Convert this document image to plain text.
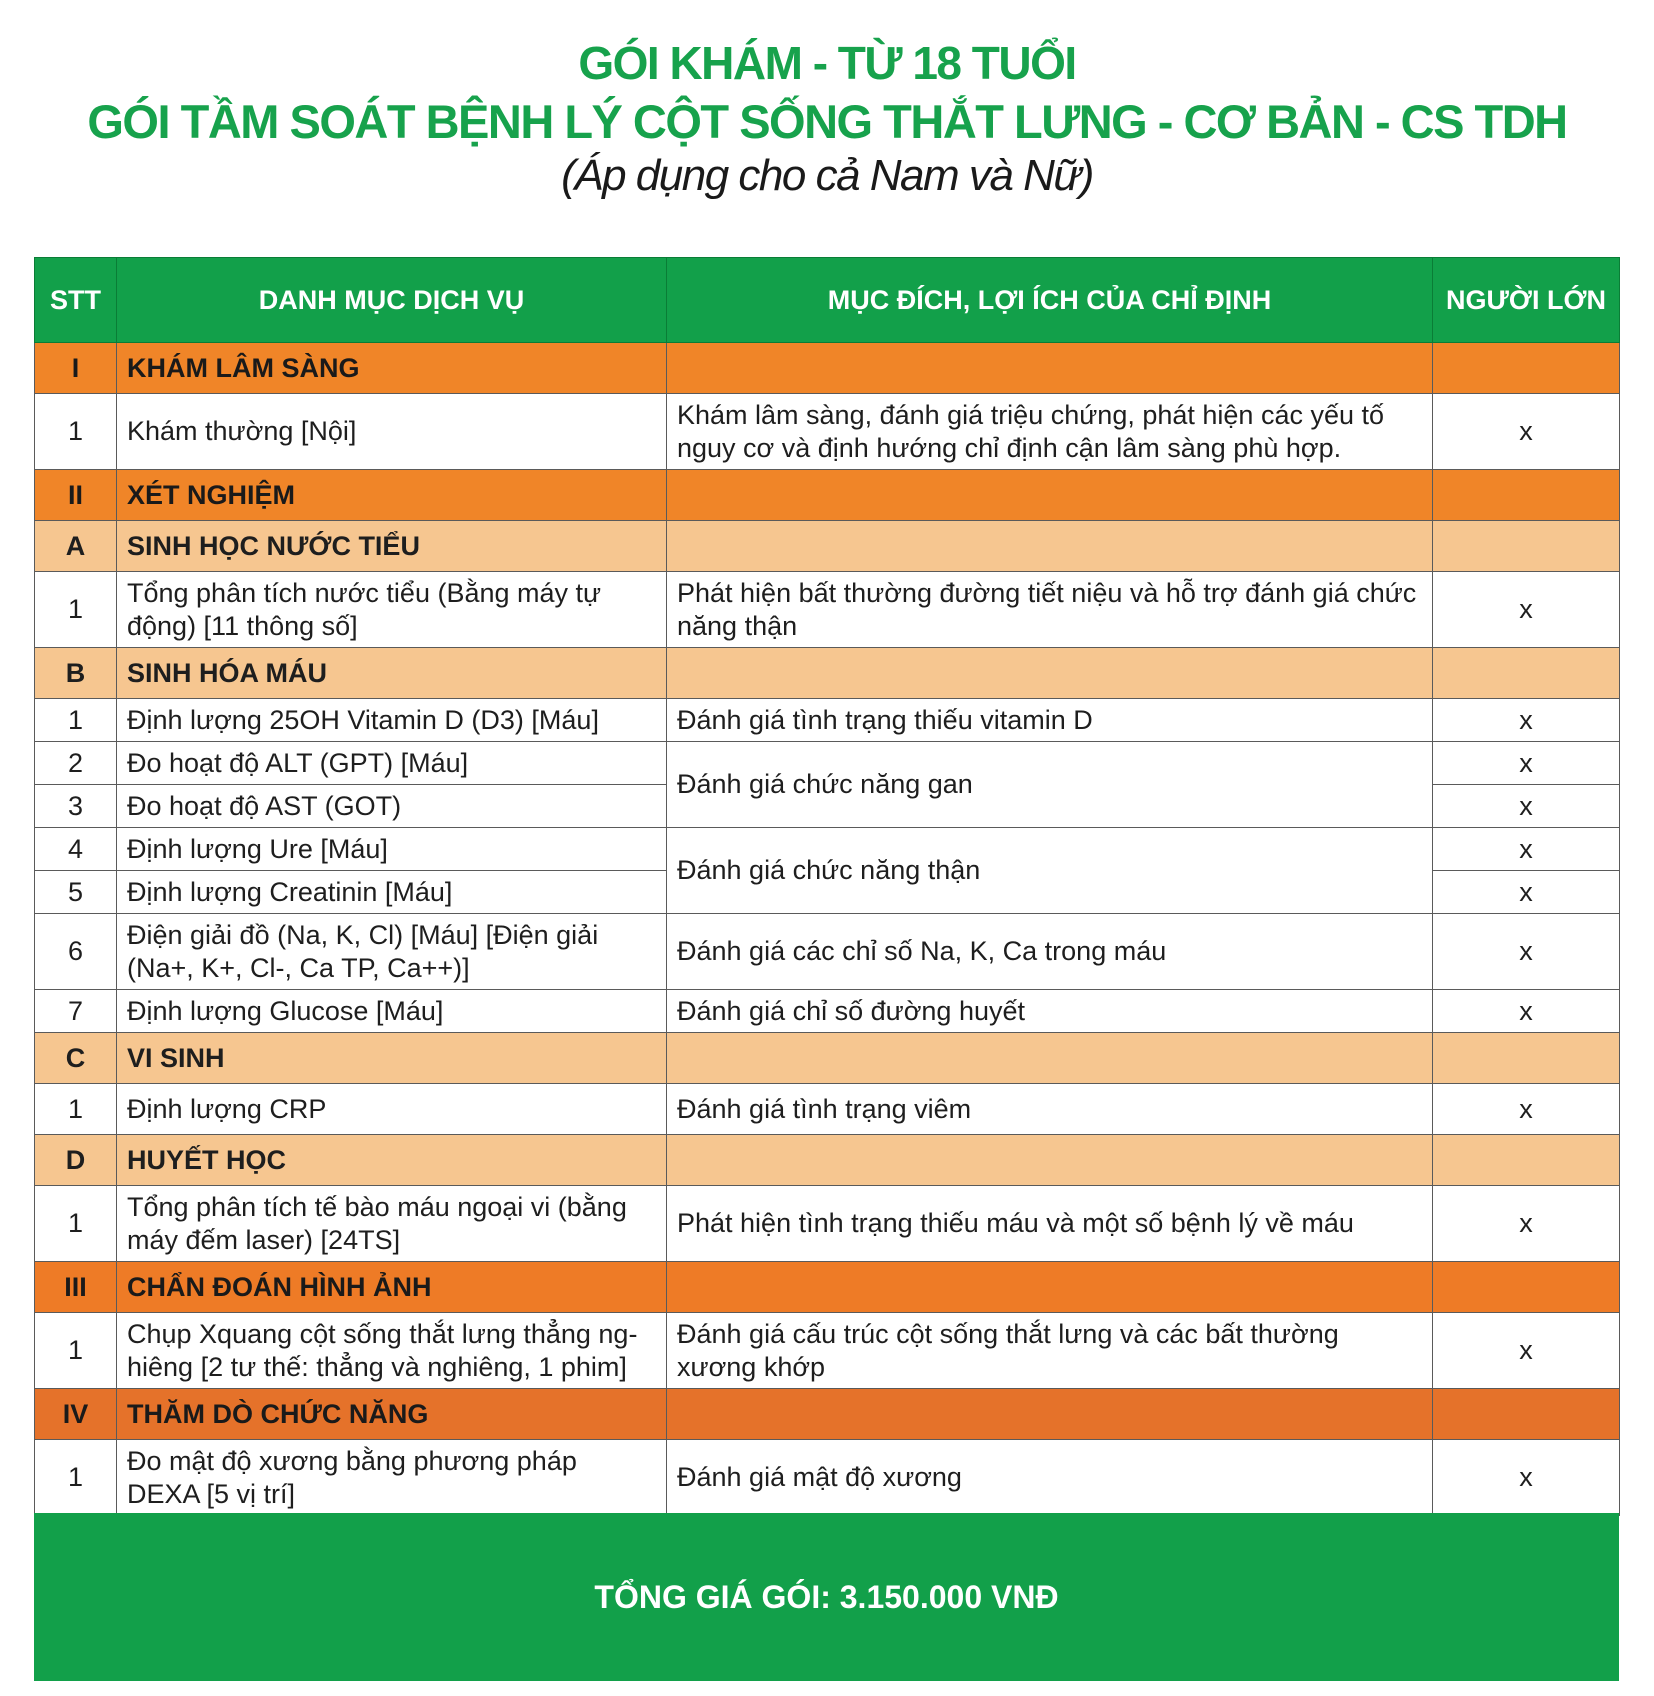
GÓI KHÁM - TỪ 18 TUỔI
GÓI TẦM SOÁT BỆNH LÝ CỘT SỐNG THẮT LƯNG - CƠ BẢN - CS TDH
(Áp dụng cho cả Nam và Nữ)
STT	DANH MỤC DỊCH VỤ	MỤC ĐÍCH, LỢI ÍCH CỦA CHỈ ĐỊNH	NGƯỜI LỚN
I	KHÁM LÂM SÀNG		
1	Khám thường [Nội]	Khám lâm sàng, đánh giá triệu chứng, phát hiện các yếu tố nguy cơ và định hướng chỉ định cận lâm sàng phù hợp.	x
II	XÉT NGHIỆM		
A	SINH HỌC NƯỚC TIỂU		
1	Tổng phân tích nước tiểu (Bằng máy tự động) [11 thông số]	Phát hiện bất thường đường tiết niệu và hỗ trợ đánh giá chức năng thận	x
B	SINH HÓA MÁU		
1	Định lượng 25OH Vitamin D (D3) [Máu]	Đánh giá tình trạng thiếu vitamin D	x
2	Đo hoạt độ ALT (GPT) [Máu]	Đánh giá chức năng gan	x
3	Đo hoạt độ AST (GOT)		x
4	Định lượng Ure [Máu]	Đánh giá chức năng thận	x
5	Định lượng Creatinin [Máu]		x
6	Điện giải đồ (Na, K, Cl) [Máu] [Điện giải (Na+, K+, Cl-, Ca TP, Ca++)]	Đánh giá các chỉ số Na, K, Ca trong máu	x
7	Định lượng Glucose [Máu]	Đánh giá chỉ số đường huyết	x
C	VI SINH		
1	Định lượng CRP	Đánh giá tình trạng viêm	x
D	HUYẾT HỌC		
1	Tổng phân tích tế bào máu ngoại vi (bằng máy đếm laser) [24TS]	Phát hiện tình trạng thiếu máu và một số bệnh lý về máu	x
III	CHẨN ĐOÁN HÌNH ẢNH		
1	Chụp Xquang cột sống thắt lưng thẳng ng-hiêng [2 tư thế: thẳng và nghiêng, 1 phim]	Đánh giá cấu trúc cột sống thắt lưng và các bất thường xương khớp	x
IV	THĂM DÒ CHỨC NĂNG		
1	Đo mật độ xương bằng phương pháp DEXA [5 vị trí]	Đánh giá mật độ xương	x
TỔNG GIÁ GÓI: 3.150.000 VNĐ
